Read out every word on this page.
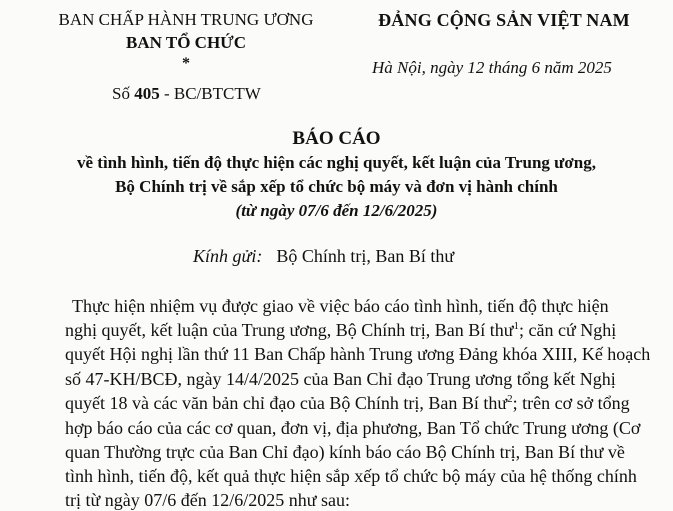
BAN CHẤP HÀNH TRUNG ƯƠNG
BAN TỔ CHỨC
*
Số 405 - BC/BTCTW
ĐẢNG CỘNG SẢN VIỆT NAM
Hà Nội, ngày 12 tháng 6 năm 2025
BÁO CÁO
về tình hình, tiến độ thực hiện các nghị quyết, kết luận của Trung ương,
Bộ Chính trị về sắp xếp tổ chức bộ máy và đơn vị hành chính
(từ ngày 07/6 đến 12/6/2025)
Kính gửi: Bộ Chính trị, Ban Bí thư
Thực hiện nhiệm vụ được giao về việc báo cáo tình hình, tiến độ thực hiện
nghị quyết, kết luận của Trung ương, Bộ Chính trị, Ban Bí thư$^1$; căn cứ Nghị
quyết Hội nghị lần thứ 11 Ban Chấp hành Trung ương Đảng khóa XIII, Kế hoạch
số 47-KH/BCĐ, ngày 14/4/2025 của Ban Chỉ đạo Trung ương tổng kết Nghị
quyết 18 và các văn bản chỉ đạo của Bộ Chính trị, Ban Bí thư$^2$; trên cơ sở tổng
hợp báo cáo của các cơ quan, đơn vị, địa phương, Ban Tổ chức Trung ương (Cơ
quan Thường trực của Ban Chỉ đạo) kính báo cáo Bộ Chính trị, Ban Bí thư về
tình hình, tiến độ, kết quả thực hiện sắp xếp tổ chức bộ máy của hệ thống chính
trị từ ngày 07/6 đến 12/6/2025 như sau:
